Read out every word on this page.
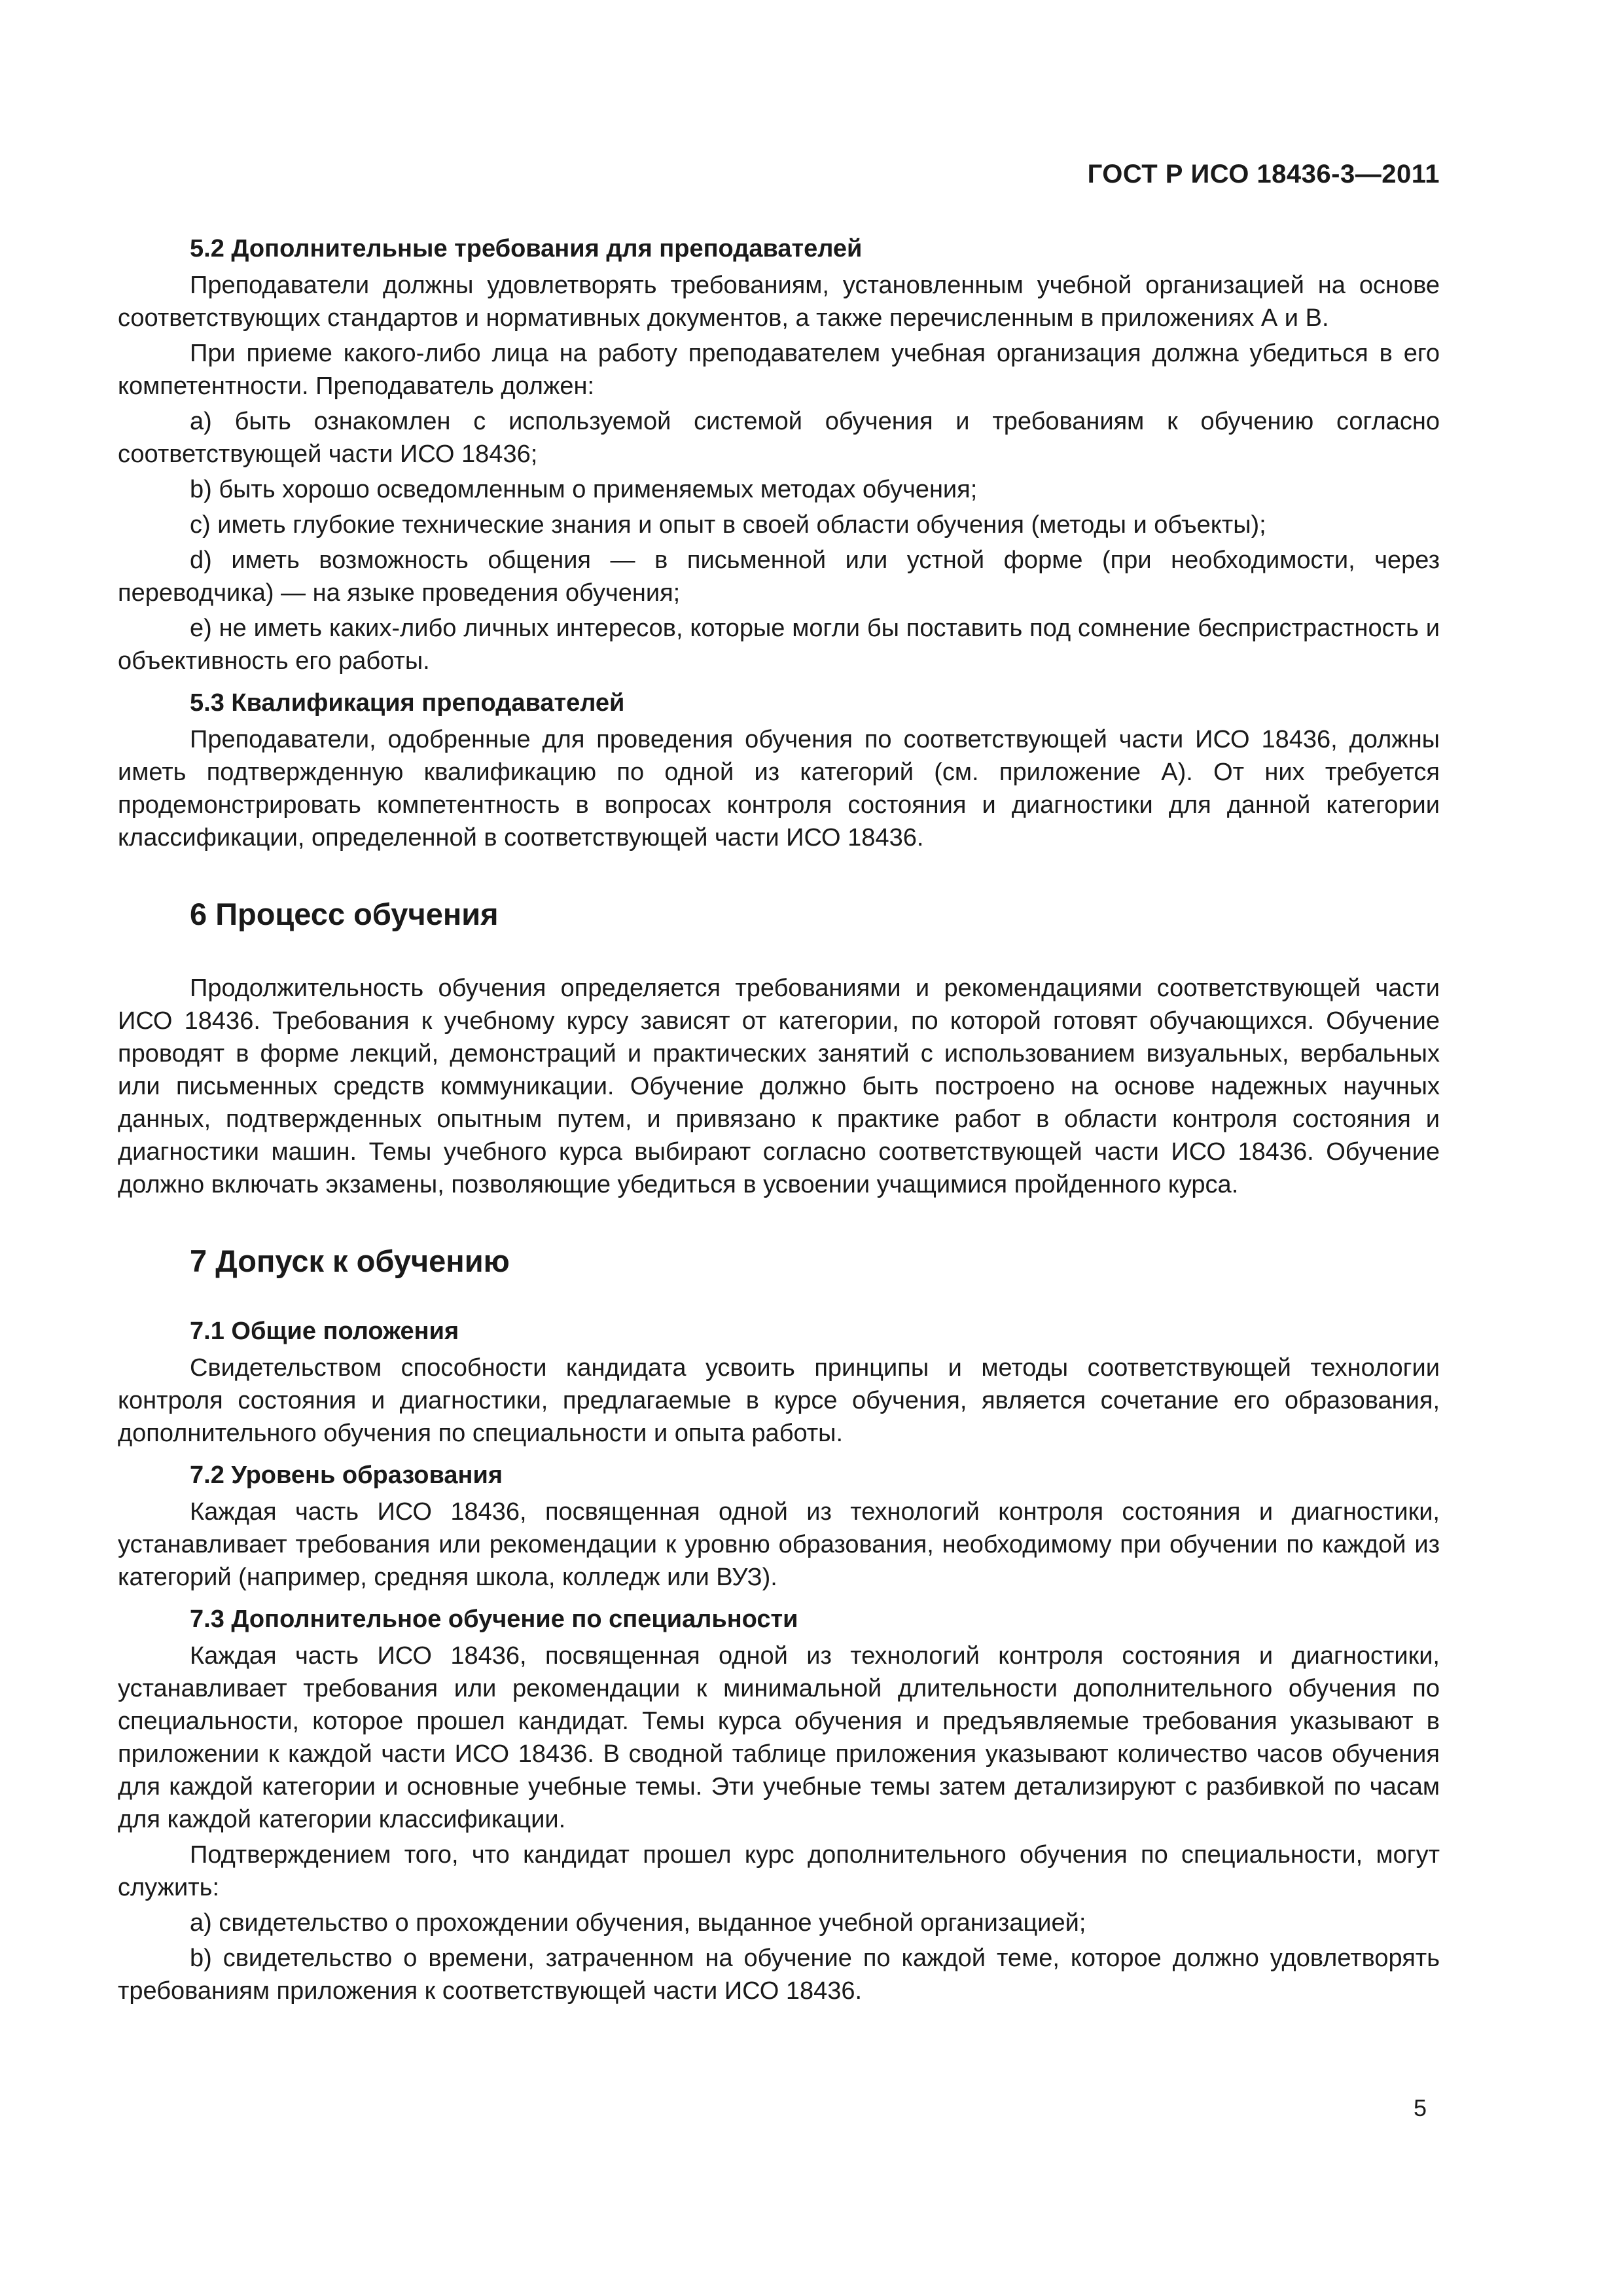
ГОСТ Р ИСО 18436-3—2011
5.2 Дополнительные требования для преподавателей

Преподаватели должны удовлетворять требованиям, установленным учебной организацией на основе соответствующих стандартов и нормативных документов, а также перечисленным в приложениях А и В.

При приеме какого-либо лица на работу преподавателем учебная организация должна убедиться в его компетентности. Преподаватель должен:

а) быть ознакомлен с используемой системой обучения и требованиям к обучению согласно соответствующей части ИСО 18436;

b) быть хорошо осведомленным о применяемых методах обучения;

c) иметь глубокие технические знания и опыт в своей области обучения (методы и объекты);

d) иметь возможность общения — в письменной или устной форме (при необходимости, через переводчика) — на языке проведения обучения;

е) не иметь каких-либо личных интересов, которые могли бы поставить под сомнение беспристрастность и объективность его работы.

5.3 Квалификация преподавателей

Преподаватели, одобренные для проведения обучения по соответствующей части ИСО 18436, должны иметь подтвержденную квалификацию по одной из категорий (см. приложение А). От них требуется продемонстрировать компетентность в вопросах контроля состояния и диагностики для данной категории классификации, определенной в соответствующей части ИСО 18436.

6 Процесс обучения

Продолжительность обучения определяется требованиями и рекомендациями соответствующей части ИСО 18436. Требования к учебному курсу зависят от категории, по которой готовят обучающихся. Обучение проводят в форме лекций, демонстраций и практических занятий с использованием визуальных, вербальных или письменных средств коммуникации. Обучение должно быть построено на основе надежных научных данных, подтвержденных опытным путем, и привязано к практике работ в области контроля состояния и диагностики машин. Темы учебного курса выбирают согласно соответствующей части ИСО 18436. Обучение должно включать экзамены, позволяющие убедиться в усвоении учащимися пройденного курса.

7 Допуск к обучению
7.1 Общие положения

Свидетельством способности кандидата усвоить принципы и методы соответствующей технологии контроля состояния и диагностики, предлагаемые в курсе обучения, является сочетание его образования, дополнительного обучения по специальности и опыта работы.

7.2 Уровень образования

Каждая часть ИСО 18436, посвященная одной из технологий контроля состояния и диагностики, устанавливает требования или рекомендации к уровню образования, необходимому при обучении по каждой из категорий (например, средняя школа, колледж или ВУЗ).

7.3 Дополнительное обучение по специальности

Каждая часть ИСО 18436, посвященная одной из технологий контроля состояния и диагностики, устанавливает требования или рекомендации к минимальной длительности дополнительного обучения по специальности, которое прошел кандидат. Темы курса обучения и предъявляемые требования указывают в приложении к каждой части ИСО 18436. В сводной таблице приложения указывают количество часов обучения для каждой категории и основные учебные темы. Эти учебные темы затем детализируют с разбивкой по часам для каждой категории классификации.

Подтверждением того, что кандидат прошел курс дополнительного обучения по специальности, могут служить:

а) свидетельство о прохождении обучения, выданное учебной организацией;

b) свидетельство о времени, затраченном на обучение по каждой теме, которое должно удовлетворять требованиям приложения к соответствующей части ИСО 18436.

5
